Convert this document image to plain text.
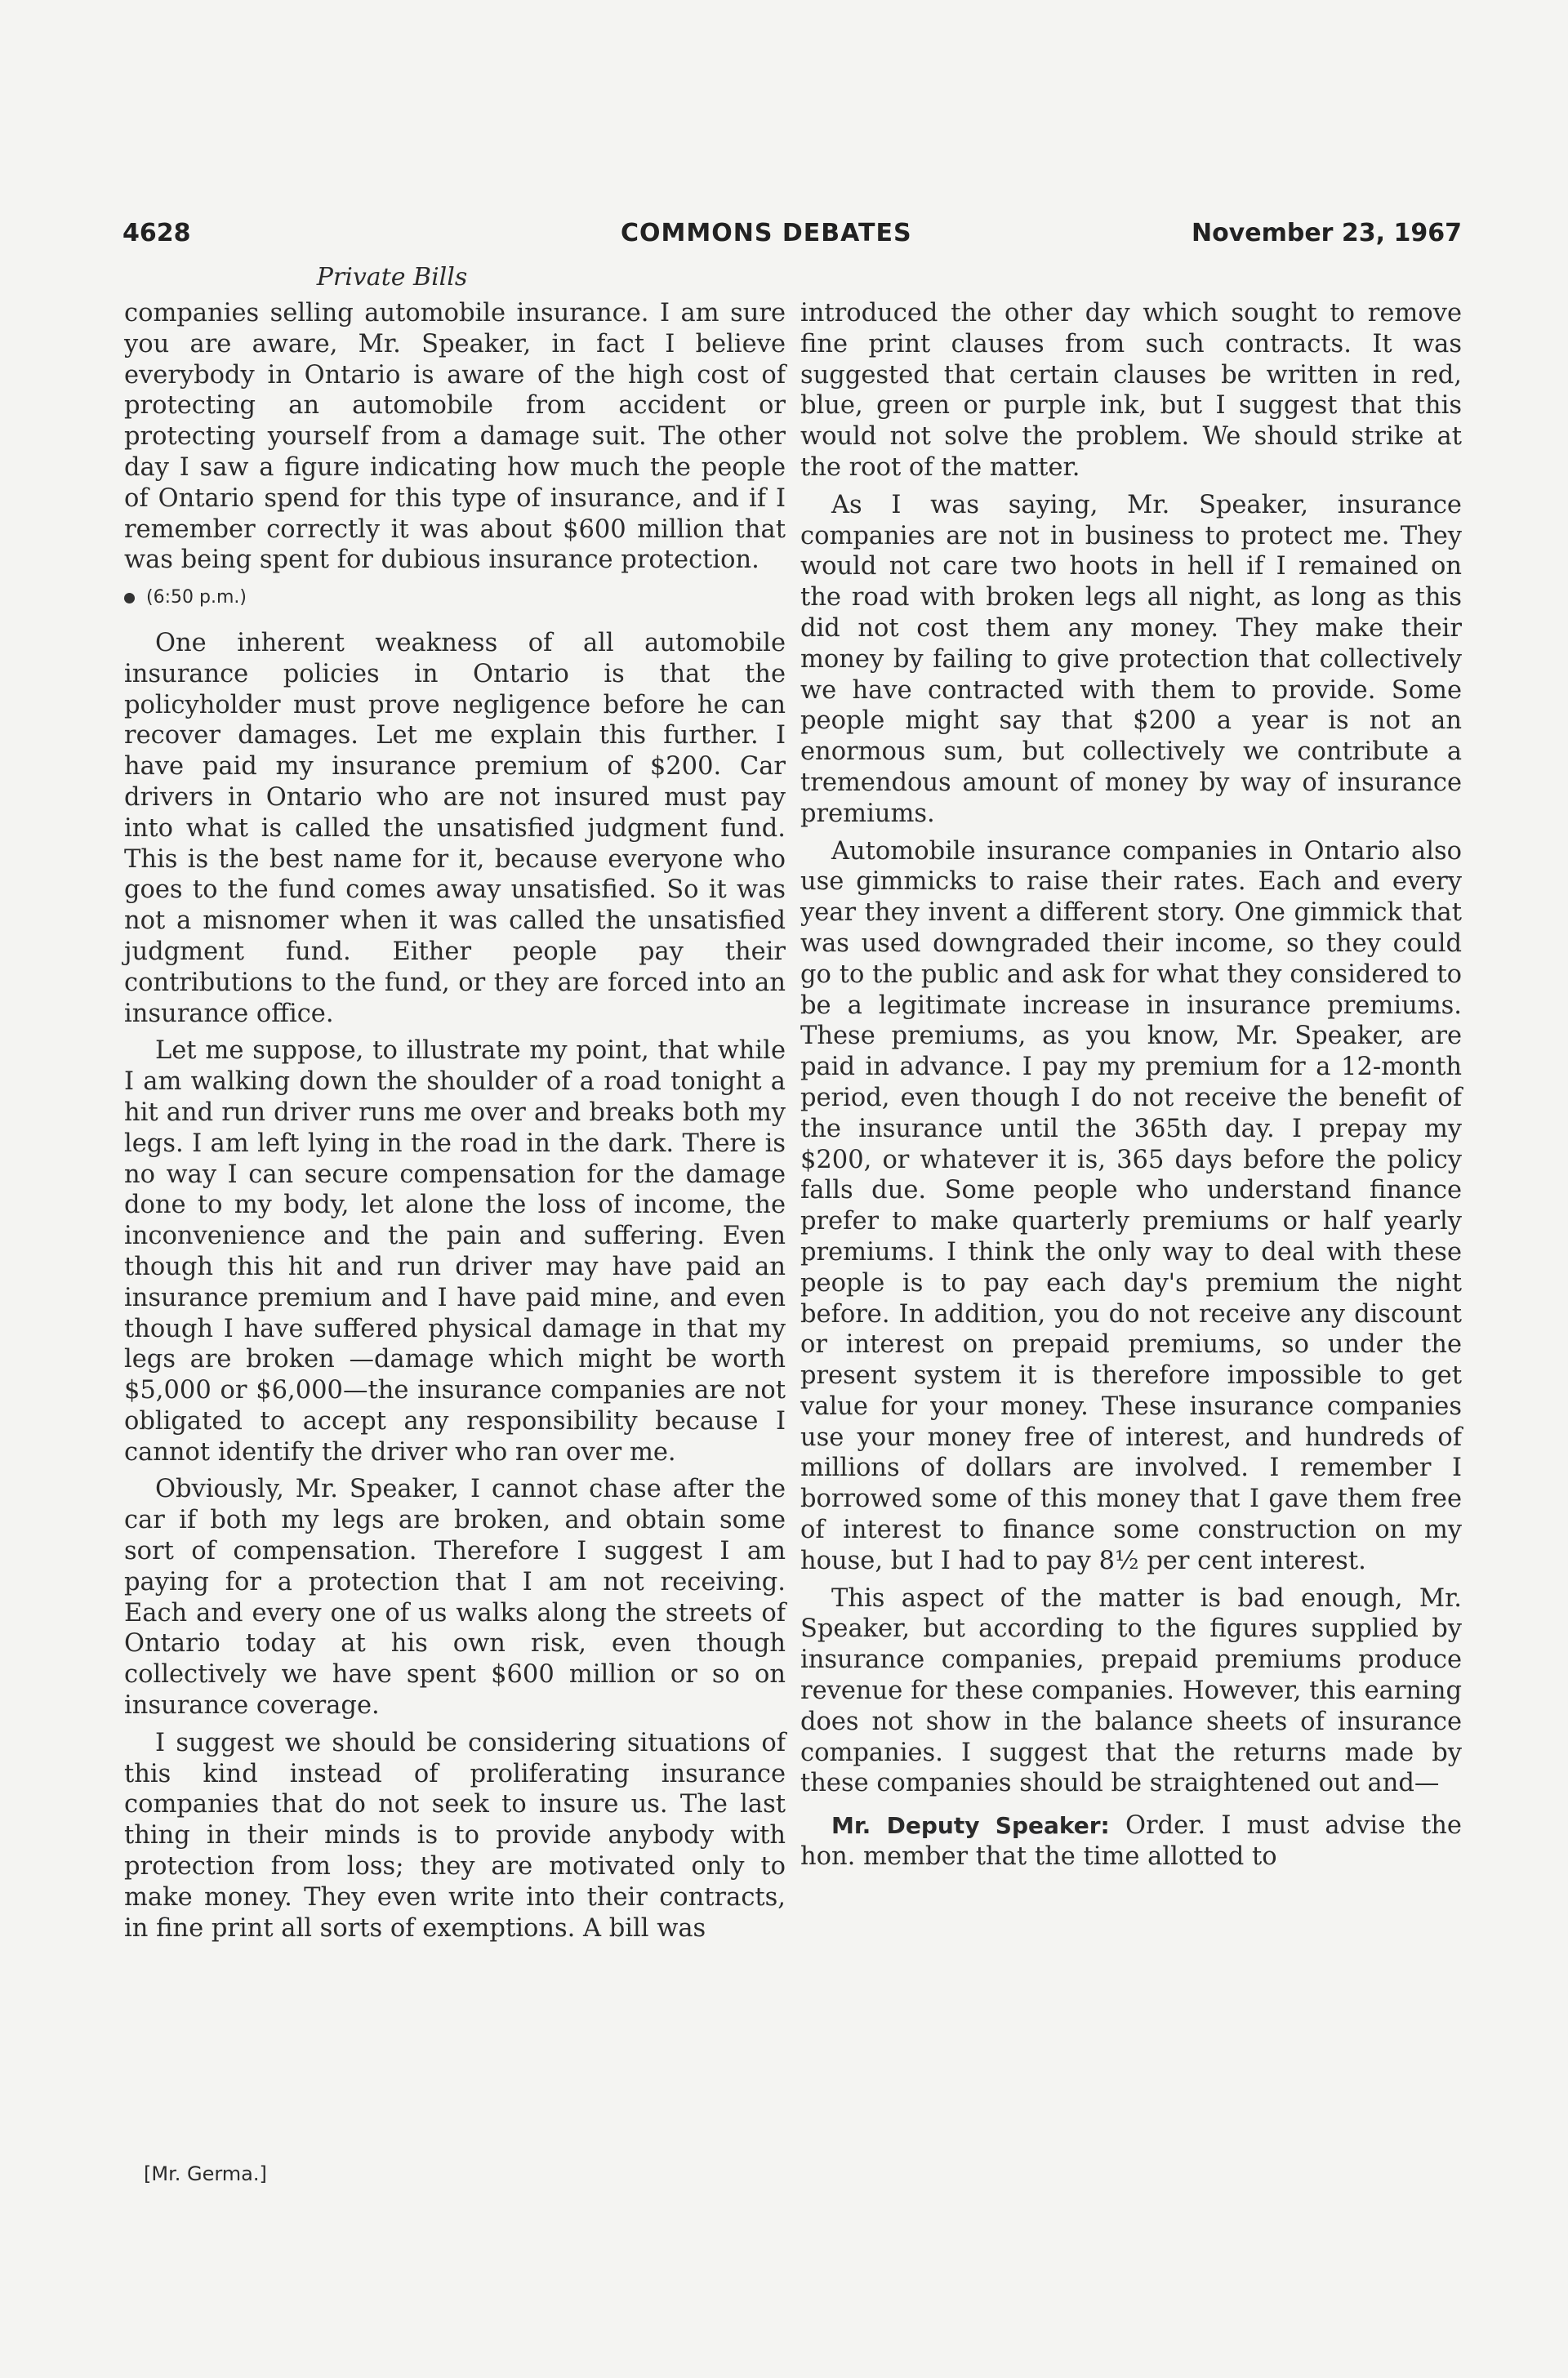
4628	COMMONS DEBATES	November 23, 1967
Private Bills

companies selling automobile insurance. I am sure you are aware, Mr. Speaker, in fact I believe everybody in Ontario is aware of the high cost of protecting an automobile from accident or protecting yourself from a damage suit. The other day I saw a figure indicating how much the people of Ontario spend for this type of insurance, and if I remember correctly it was about $600 million that was being spent for dubious insurance protection.

(6:50 p.m.)

One inherent weakness of all automobile insurance policies in Ontario is that the policyholder must prove negligence before he can recover damages. Let me explain this further. I have paid my insurance premium of $200. Car drivers in Ontario who are not insured must pay into what is called the unsatisfied judgment fund. This is the best name for it, because everyone who goes to the fund comes away unsatisfied. So it was not a misnomer when it was called the unsatisfied judgment fund. Either people pay their contributions to the fund, or they are forced into an insurance office.

Let me suppose, to illustrate my point, that while I am walking down the shoulder of a road tonight a hit and run driver runs me over and breaks both my legs. I am left lying in the road in the dark. There is no way I can secure compensation for the damage done to my body, let alone the loss of income, the inconvenience and the pain and suffering. Even though this hit and run driver may have paid an insurance premium and I have paid mine, and even though I have suffered physical damage in that my legs are broken —damage which might be worth $5,000 or $6,000—the insurance companies are not obligated to accept any responsibility because I cannot identify the driver who ran over me.

Obviously, Mr. Speaker, I cannot chase after the car if both my legs are broken, and obtain some sort of compensation. Therefore I suggest I am paying for a protection that I am not receiving. Each and every one of us walks along the streets of Ontario today at his own risk, even though collectively we have spent $600 million or so on insurance coverage.

I suggest we should be considering situations of this kind instead of proliferating insurance companies that do not seek to insure us. The last thing in their minds is to provide anybody with protection from loss; they are motivated only to make money. They even write into their contracts, in fine print all sorts of exemptions. A bill was

introduced the other day which sought to remove fine print clauses from such contracts. It was suggested that certain clauses be written in red, blue, green or purple ink, but I suggest that this would not solve the problem. We should strike at the root of the matter.

As I was saying, Mr. Speaker, insurance companies are not in business to protect me. They would not care two hoots in hell if I remained on the road with broken legs all night, as long as this did not cost them any money. They make their money by failing to give protection that collectively we have contracted with them to provide. Some people might say that $200 a year is not an enormous sum, but collectively we contribute a tremendous amount of money by way of insurance premiums.

Automobile insurance companies in Ontario also use gimmicks to raise their rates. Each and every year they invent a different story. One gimmick that was used downgraded their income, so they could go to the public and ask for what they considered to be a legitimate increase in insurance premiums. These premiums, as you know, Mr. Speaker, are paid in advance. I pay my premium for a 12-month period, even though I do not receive the benefit of the insurance until the 365th day. I prepay my $200, or whatever it is, 365 days before the policy falls due. Some people who understand finance prefer to make quarterly premiums or half yearly premiums. I think the only way to deal with these people is to pay each day's premium the night before. In addition, you do not receive any discount or interest on prepaid premiums, so under the present system it is therefore impossible to get value for your money. These insurance companies use your money free of interest, and hundreds of millions of dollars are involved. I remember I borrowed some of this money that I gave them free of interest to finance some construction on my house, but I had to pay 8½ per cent interest.

This aspect of the matter is bad enough, Mr. Speaker, but according to the figures supplied by insurance companies, prepaid premiums produce revenue for these companies. However, this earning does not show in the balance sheets of insurance companies. I suggest that the returns made by these companies should be straightened out and—

Mr. Deputy Speaker: Order. I must advise the hon. member that the time allotted to

[Mr. Germa.]
